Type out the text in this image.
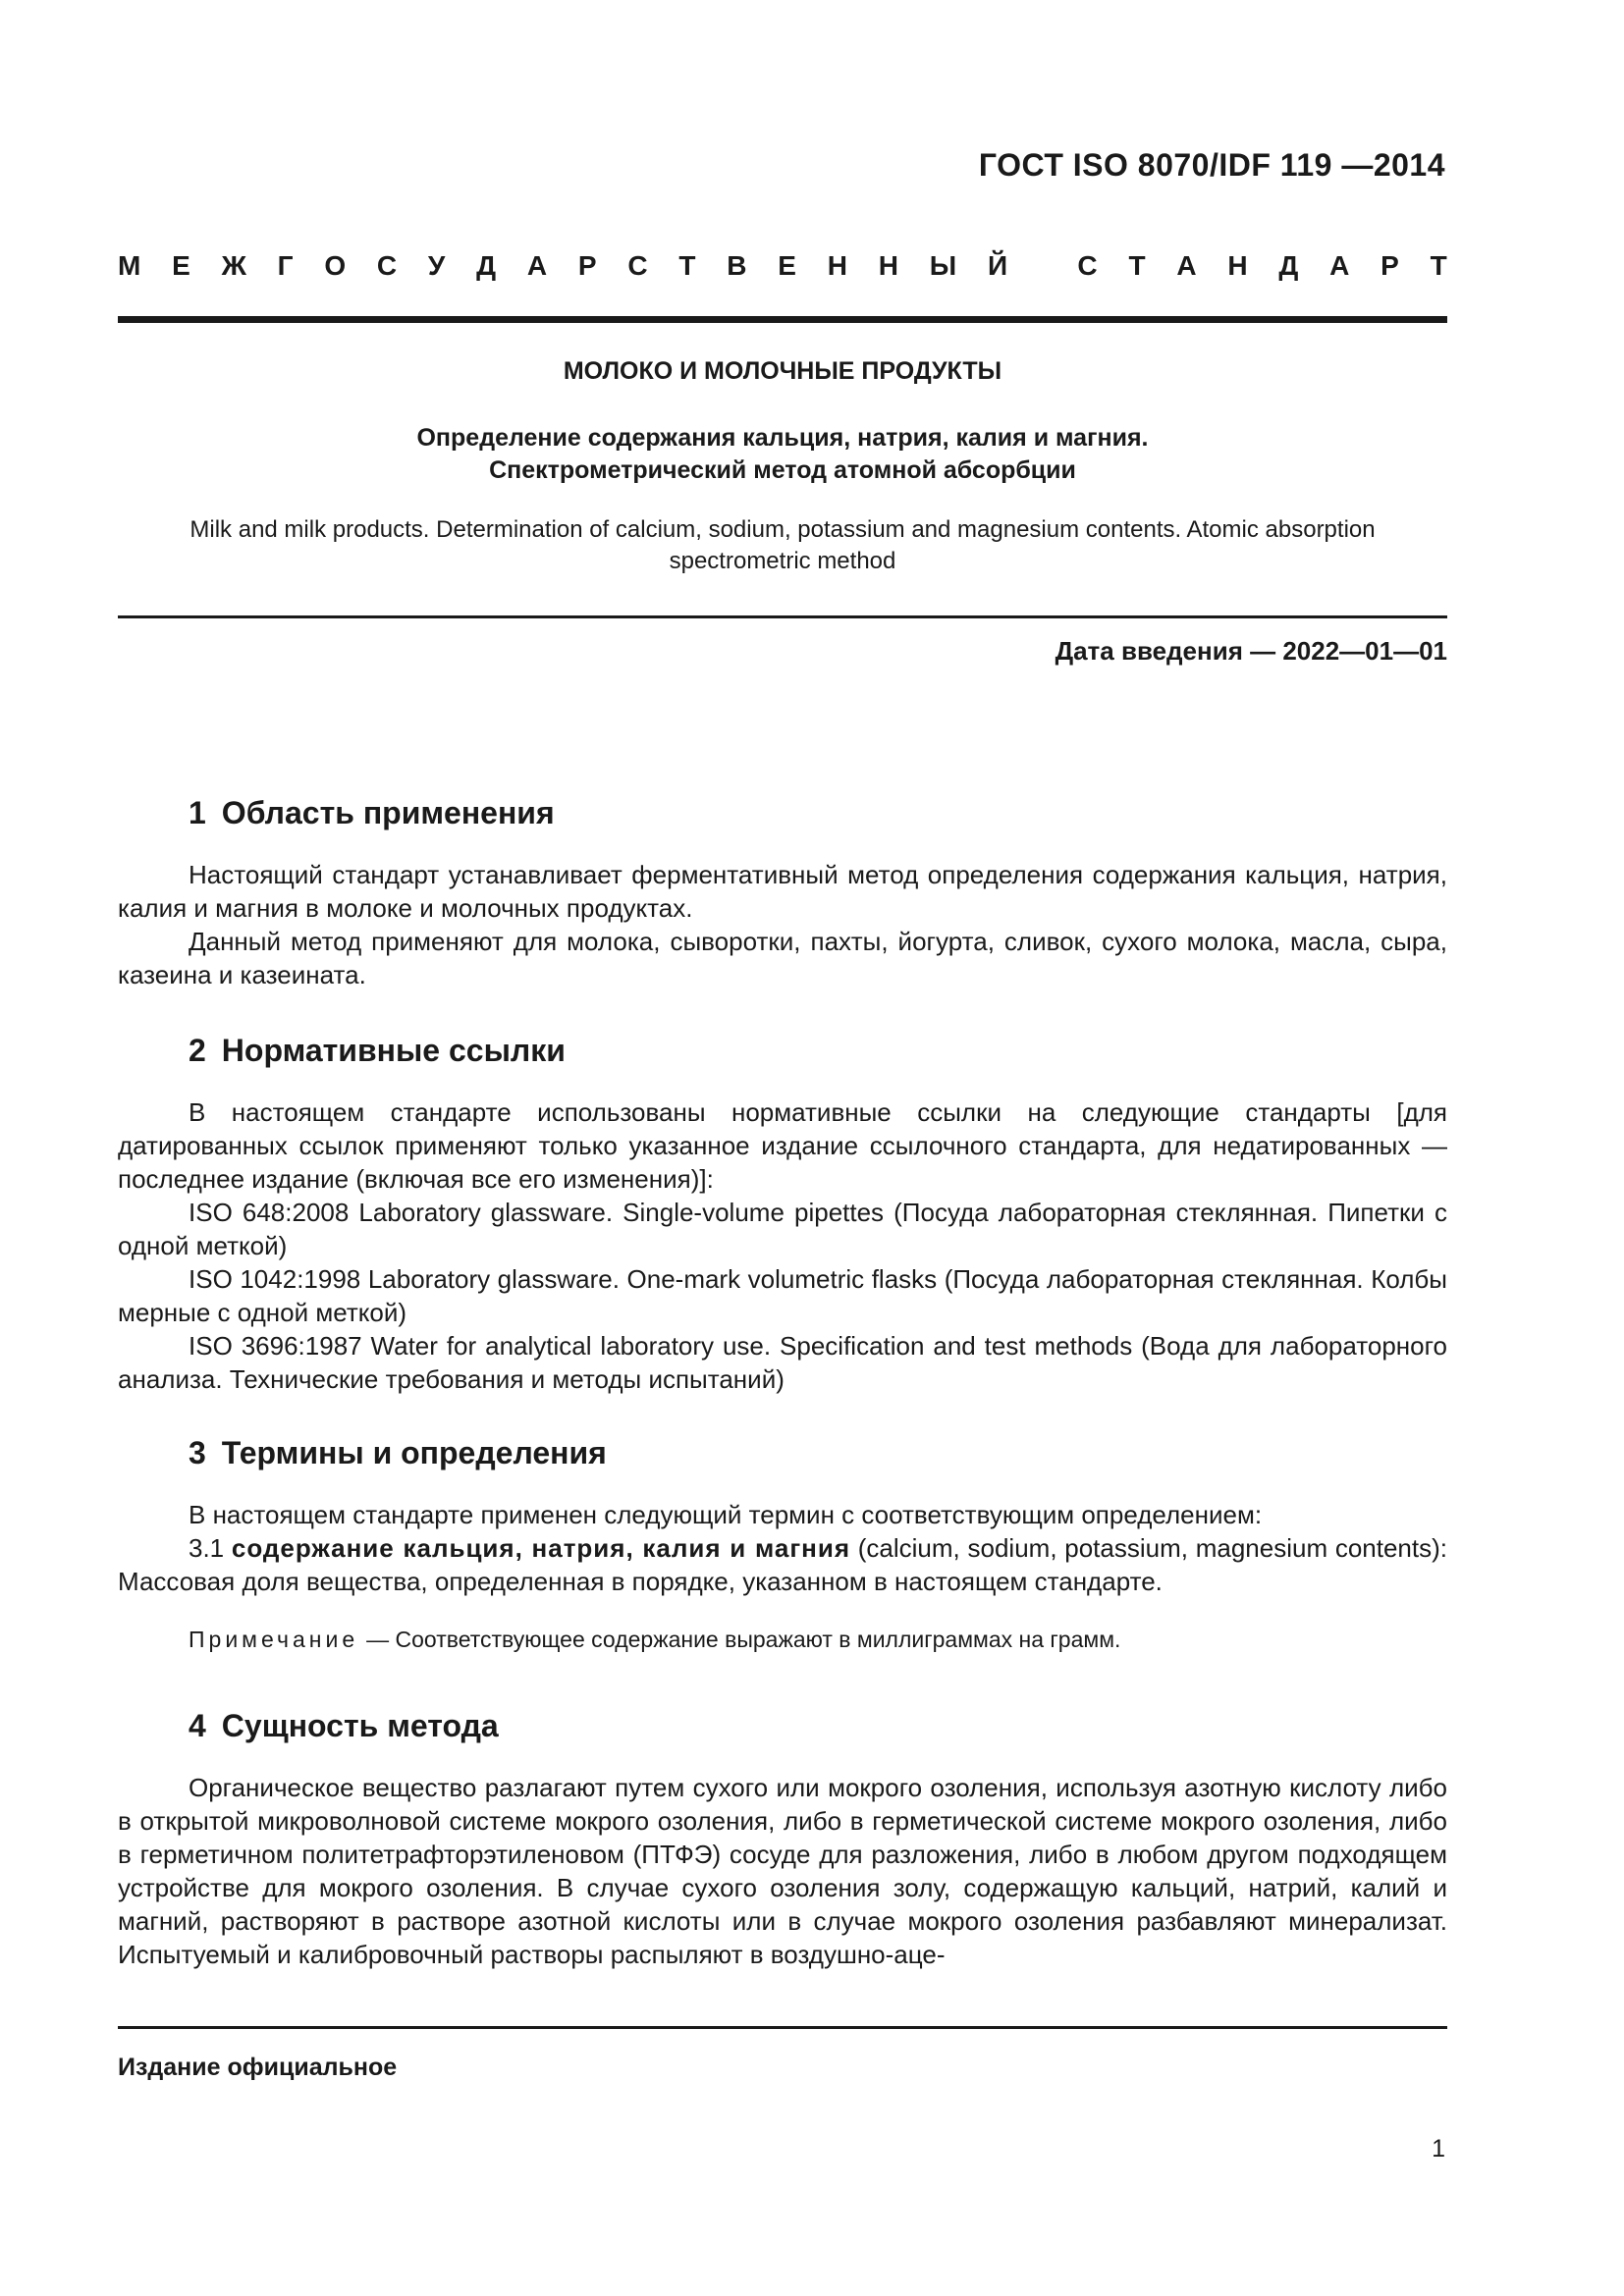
ГОСТ ISO 8070/IDF 119 —2014
М Е Ж Г О С У Д А Р С Т В Е Н Н Ы Й
	С Т А Н Д А Р Т
МОЛОКО И МОЛОЧНЫЕ ПРОДУКТЫ
Определение содержания кальция, натрия, калия и магния.
Спектрометрический метод атомной абсорбции
Milk and milk products. Determination of calcium, sodium, potassium and magnesium contents. Atomic absorption spectrometric method
Дата введения — 2022—01—01
1 Область применения

Настоящий стандарт устанавливает ферментативный метод определения содержания кальция, натрия, калия и магния в молоке и молочных продуктах.

Данный метод применяют для молока, сыворотки, пахты, йогурта, сливок, сухого молока, масла, сыра, казеина и казеината.

2 Нормативные ссылки

В настоящем стандарте использованы нормативные ссылки на следующие стандарты [для датированных ссылок применяют только указанное издание ссылочного стандарта, для недатированных — последнее издание (включая все его изменения)]:

ISO 648:2008 Laboratory glassware. Single-volume pipettes (Посуда лабораторная стеклянная. Пипетки с одной меткой)

ISO 1042:1998 Laboratory glassware. One-mark volumetric flasks (Посуда лабораторная стеклянная. Колбы мерные с одной меткой)

ISO 3696:1987 Water for analytical laboratory use. Specification and test methods (Вода для лабораторного анализа. Технические требования и методы испытаний)

3 Термины и определения

В настоящем стандарте применен следующий термин с соответствующим определением:

3.1 содержание кальция, натрия, калия и магния (calcium, sodium, potassium, magnesium contents): Массовая доля вещества, определенная в порядке, указанном в настоящем стандарте.

Примечание — Соответствующее содержание выражают в миллиграммах на грамм.
4 Сущность метода

Органическое вещество разлагают путем сухого или мокрого озоления, используя азотную кислоту либо в открытой микроволновой системе мокрого озоления, либо в герметической системе мокрого озоления, либо в герметичном политетрафторэтиленовом (ПТФЭ) сосуде для разложения, либо в любом другом подходящем устройстве для мокрого озоления. В случае сухого озоления золу, содержащую кальций, натрий, калий и магний, растворяют в растворе азотной кислоты или в случае мокрого озоления разбавляют минерализат. Испытуемый и калибровочный растворы распыляют в воздушно-аце-

Издание официальное
1
